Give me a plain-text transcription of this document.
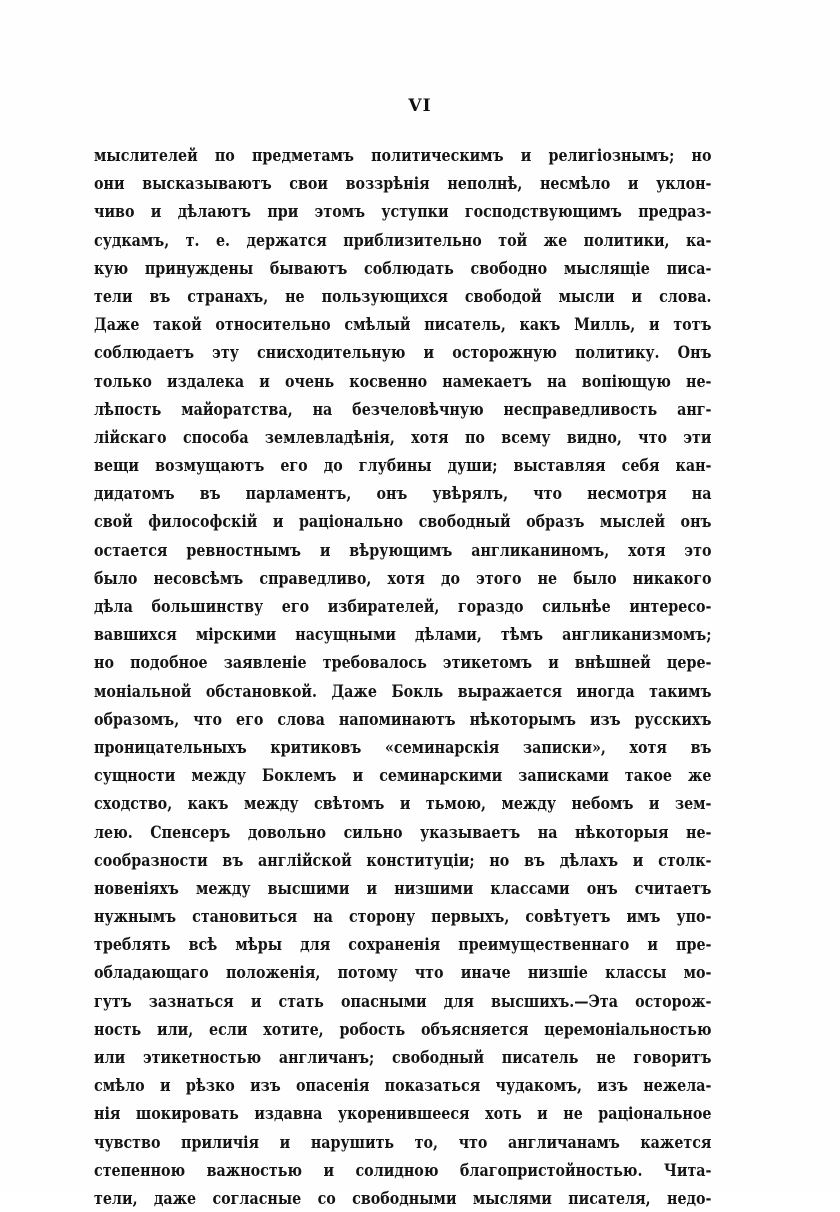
VI
мыслителей по предметамъ политическимъ и религіознымъ; но
они высказываютъ свои воззрѣнія неполнѣ, несмѣло и уклон-
чиво и дѣлаютъ при этомъ уступки господствующимъ предраз-
судкамъ, т. е. держатся приблизительно той же политики, ка-
кую принуждены бываютъ соблюдать свободно мыслящіе писа-
тели въ странахъ, не пользующихся свободой мысли и слова.
Даже такой относительно смѣлый писатель, какъ Милль, и тотъ
соблюдаетъ эту снисходительную и осторожную политику. Онъ
только издалека и очень косвенно намекаетъ на вопіющую не-
лѣпость майоратства, на безчеловѣчную несправедливость анг-
лійскаго способа землевладѣнія, хотя по всему видно, что эти
вещи возмущаютъ его до глубины души; выставляя себя кан-
дидатомъ въ парламентъ, онъ увѣрялъ, что несмотря на
свой философскій и раціонально свободный образъ мыслей онъ
остается ревностнымъ и вѣрующимъ англиканиномъ, хотя это
было несовсѣмъ справедливо, хотя до этого не было никакого
дѣла большинству его избирателей, гораздо сильнѣе интересо-
вавшихся мірскими насущными дѣлами, тѣмъ англиканизмомъ;
но подобное заявленіе требовалось этикетомъ и внѣшней цере-
моніальной обстановкой. Даже Бокль выражается иногда такимъ
образомъ, что его слова напоминаютъ нѣкоторымъ изъ русскихъ
проницательныхъ критиковъ «семинарскія записки», хотя въ
сущности между Боклемъ и семинарскими записками такое же
сходство, какъ между свѣтомъ и тьмою, между небомъ и зем-
лею. Спенсеръ довольно сильно указываетъ на нѣкоторыя не-
сообразности въ англійской конституціи; но въ дѣлахъ и столк-
новеніяхъ между высшими и низшими классами онъ считаетъ
нужнымъ становиться на сторону первыхъ, совѣтуетъ имъ упо-
треблять всѣ мѣры для сохраненія преимущественнаго и пре-
обладающаго положенія, потому что иначе низшіе классы мо-
гутъ зазнаться и стать опасными для высшихъ.—Эта осторож-
ность или, если хотите, робость объясняется церемоніальностью
или этикетностью англичанъ; свободный писатель не говоритъ
смѣло и рѣзко изъ опасенія показаться чудакомъ, изъ нежела-
нія шокировать издавна укоренившееся хоть и не раціональное
чувство приличія и нарушить то, что англичанамъ кажется
степенною важностью и солидною благопристойностью. Чита-
тели, даже согласные со свободными мыслями писателя, недо-
